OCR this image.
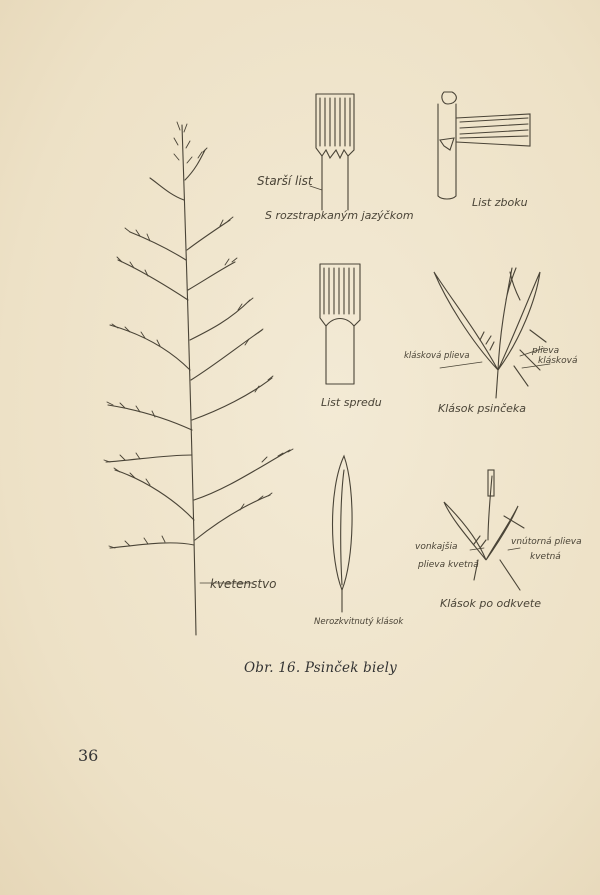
Starší list
S rozstrapkaným jazýčkom
List zboku
List spredu
klásková plieva	plieva
klásková
Klások psinčeka
Nerozkvitnutý klások
vonkajšia	vnútorná plieva
plieva kvetná
kvetná
Klások po odkvete
kvetenstvo
Obr. 16. Psinček biely
36
